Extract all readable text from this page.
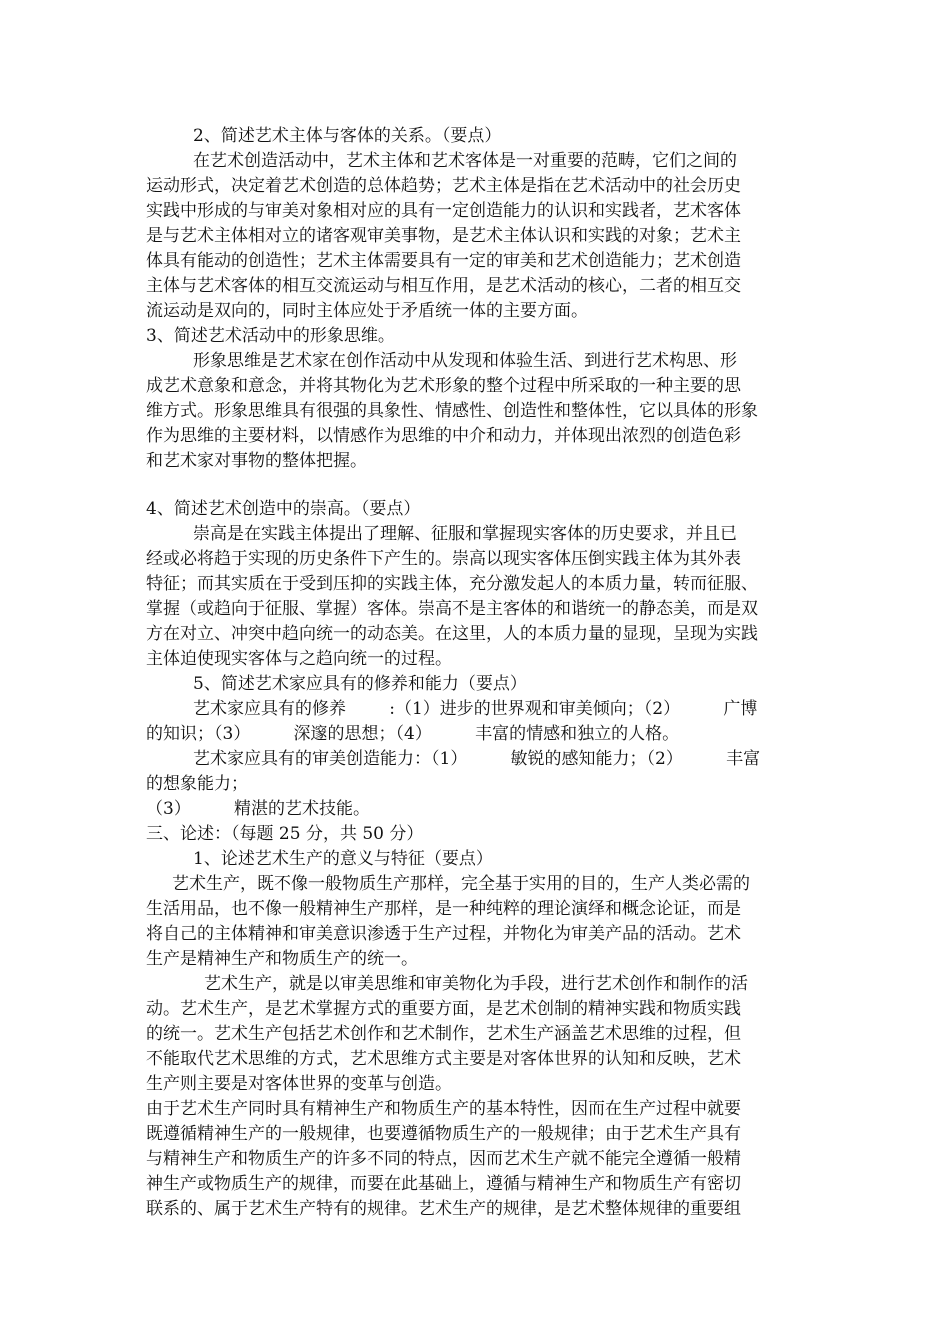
2、简述艺术主体与客体的关系。（要点）
在艺术创造活动中，艺术主体和艺术客体是一对重要的范畴，它们之间的
运动形式，决定着艺术创造的总体趋势；艺术主体是指在艺术活动中的社会历史
实践中形成的与审美对象相对应的具有一定创造能力的认识和实践者，艺术客体
是与艺术主体相对立的诸客观审美事物，是艺术主体认识和实践的对象；艺术主
体具有能动的创造性；艺术主体需要具有一定的审美和艺术创造能力；艺术创造
主体与艺术客体的相互交流运动与相互作用，是艺术活动的核心，二者的相互交
流运动是双向的，同时主体应处于矛盾统一体的主要方面。
3、简述艺术活动中的形象思维。
形象思维是艺术家在创作活动中从发现和体验生活、到进行艺术构思、形
成艺术意象和意念，并将其物化为艺术形象的整个过程中所采取的一种主要的思
维方式。形象思维具有很强的具象性、情感性、创造性和整体性，它以具体的形象
作为思维的主要材料，以情感作为思维的中介和动力，并体现出浓烈的创造色彩
和艺术家对事物的整体把握。
4、简述艺术创造中的崇高。（要点）
崇高是在实践主体提出了理解、征服和掌握现实客体的历史要求，并且已
经或必将趋于实现的历史条件下产生的。崇高以现实客体压倒实践主体为其外表
特征；而其实质在于受到压抑的实践主体，充分激发起人的本质力量，转而征服、
掌握（或趋向于征服、掌握）客体。崇高不是主客体的和谐统一的静态美，而是双
方在对立、冲突中趋向统一的动态美。在这里，人的本质力量的显现，呈现为实践
主体迫使现实客体与之趋向统一的过程。
5、简述艺术家应具有的修养和能力（要点）
艺术家应具有的修养        :（1）进步的世界观和审美倾向；（2）        广博
的知识；（3）        深邃的思想；（4）        丰富的情感和独立的人格。
艺术家应具有的审美创造能力：（1）        敏锐的感知能力；（2）        丰富
的想象能力；
（3）        精湛的艺术技能。
三、论述：（每题 25 分，共 50 分）
1、论述艺术生产的意义与特征（要点）
艺术生产，既不像一般物质生产那样，完全基于实用的目的，生产人类必需的
生活用品，也不像一般精神生产那样，是一种纯粹的理论演绎和概念论证，而是
将自己的主体精神和审美意识渗透于生产过程，并物化为审美产品的活动。艺术
生产是精神生产和物质生产的统一。
艺术生产，就是以审美思维和审美物化为手段，进行艺术创作和制作的活
动。艺术生产，是艺术掌握方式的重要方面，是艺术创制的精神实践和物质实践
的统一。艺术生产包括艺术创作和艺术制作，艺术生产涵盖艺术思维的过程，但
不能取代艺术思维的方式，艺术思维方式主要是对客体世界的认知和反映，艺术
生产则主要是对客体世界的变革与创造。
由于艺术生产同时具有精神生产和物质生产的基本特性，因而在生产过程中就要
既遵循精神生产的一般规律，也要遵循物质生产的一般规律；由于艺术生产具有
与精神生产和物质生产的许多不同的特点，因而艺术生产就不能完全遵循一般精
神生产或物质生产的规律，而要在此基础上，遵循与精神生产和物质生产有密切
联系的、属于艺术生产特有的规律。艺术生产的规律，是艺术整体规律的重要组
